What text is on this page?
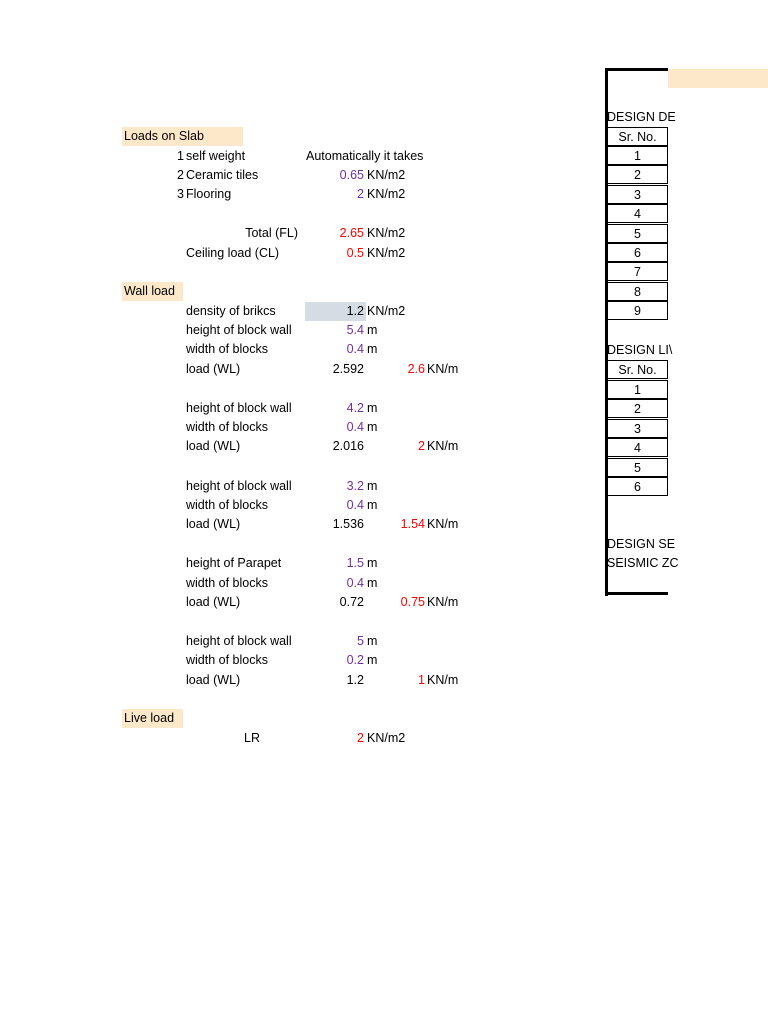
Loads on Slab
Wall load
Live load
1 self weight	Automatically it takes
2 Ceramic tiles	0.65 KN/m2
3 Flooring	2 KN/m2
Total (FL)	2.65 KN/m2
Ceiling load (CL)	0.5 KN/m2
density of brikcs	1.2 KN/m2
height of block wall	5.4 m
width of blocks	0.4 m
load (WL)	2.592	2.6 KN/m
height of block wall	4.2 m
width of blocks	0.4 m
load (WL)	2.016	2 KN/m
height of block wall	3.2 m
width of blocks	0.4 m
load (WL)	1.536	1.54 KN/m
height of Parapet	1.5 m
width of blocks	0.4 m
load (WL)	0.72	0.75 KN/m
height of block wall	5 m
width of blocks	0.2 m
load (WL)	1.2	1 KN/m
LR	2 KN/m2
DESIGN DE
Sr. No.
1
2
3
4
5
6
7
8
9
DESIGN LI\
Sr. No.
1
2
3
4
5
6
DESIGN SE
SEISMIC ZC
